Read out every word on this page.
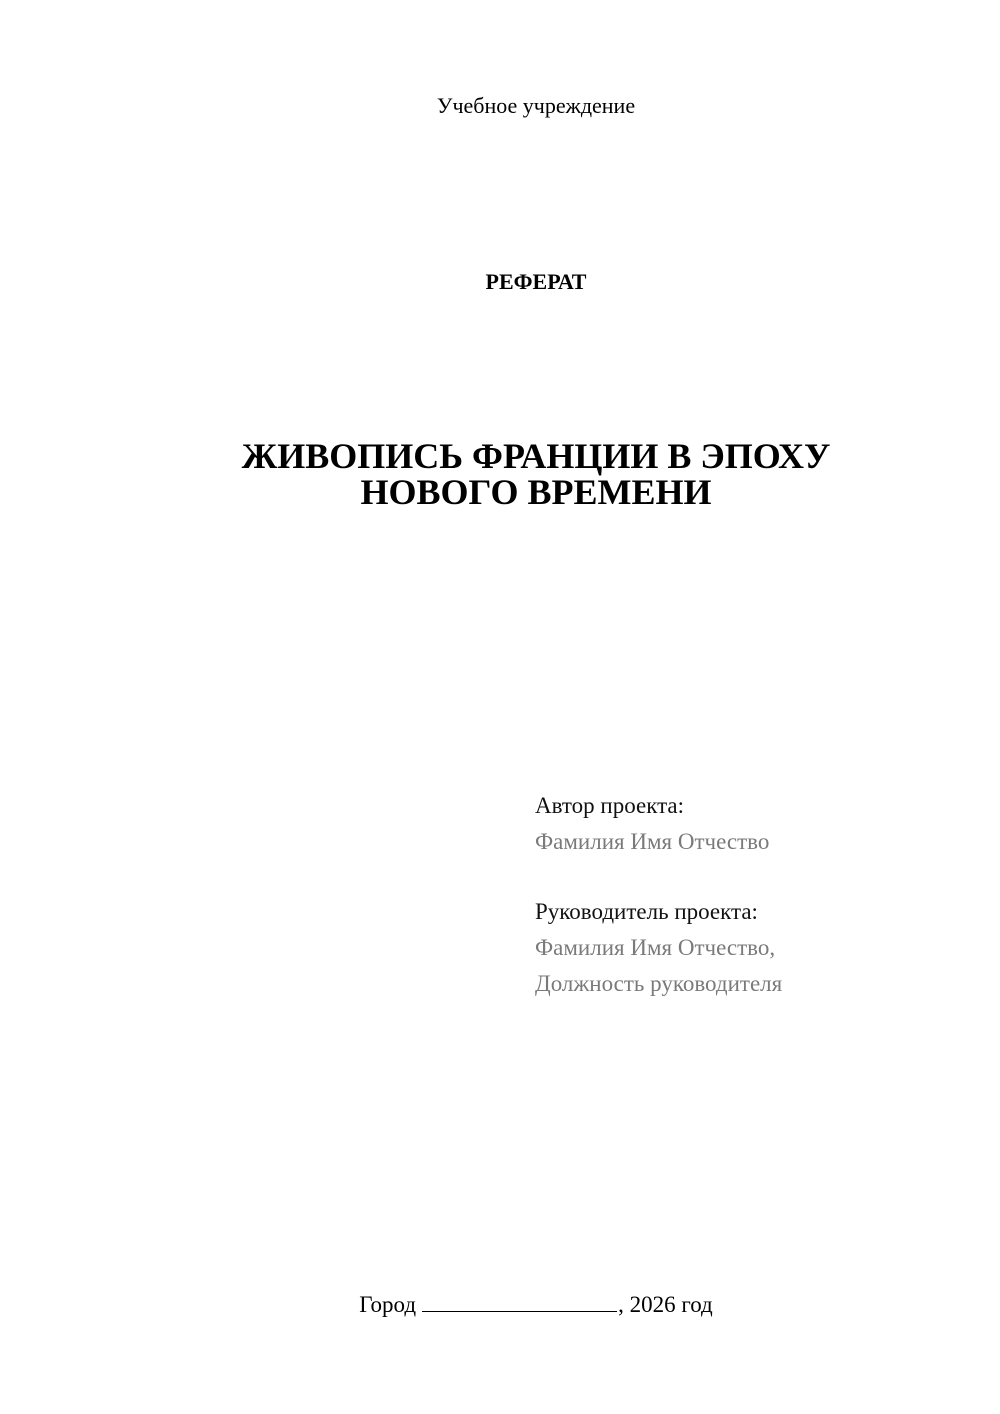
Учебное учреждение
РЕФЕРАТ
ЖИВОПИСЬ ФРАНЦИИ В ЭПОХУ
НОВОГО ВРЕМЕНИ
Автор проекта:
Фамилия Имя Отчество
Руководитель проекта:
Фамилия Имя Отчество,
Должность руководителя
Город	, 2026 год
